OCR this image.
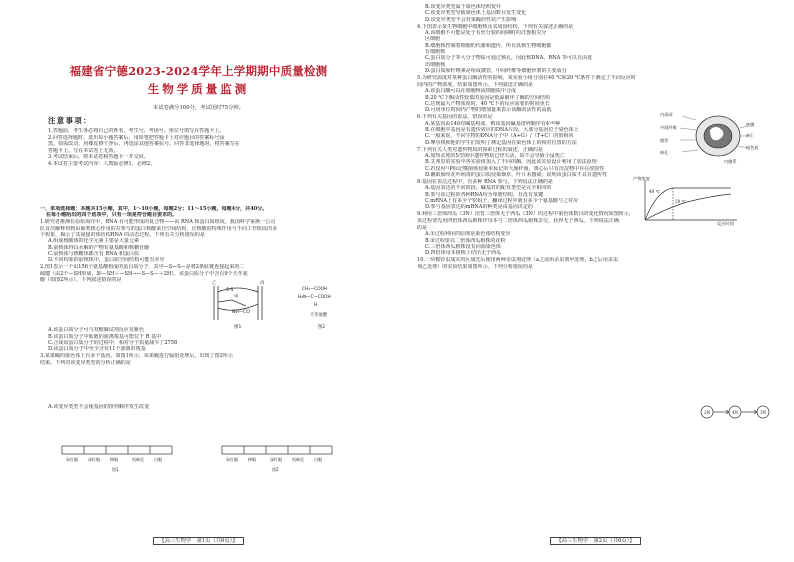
福建省宁德2023-2024学年上学期期中质量检测
生物学质量监测
本试卷满分100分，考试用时75分钟。
注意事项：
1.答题前，考生务必将自己的姓名、考生号、考场号、座位号填写在答题卡上。
2.回答选择题时，选出每小题答案后，用铅笔把答题卡上对应题目的答案标号涂
黑。如需改动，用橡皮擦干净后，再选涂其他答案标号。回答非选择题时，将答案写在
答题卡上。写在本试卷上无效。
3.考试结束后，将本试卷和答题卡一并交回。
4.本试卷主要考试内容：人教版必修1，必修2。
一、单项选择题：本题共15小题，其中，1～10小题，每题2分；11～15小题，每题4分，共40分。
在每小题给出的四个选项中，只有一项是符合题目要求的。
1.研究者推测在原始海洋中，RNA 有可能形成的复合物——由 RNA 和蛋白质组成。我国科学家换一公司
队首次解释得到由菌类核心作用的并参与的蛋白核酸来自空间结构，且核酸的特殊作用与不同工作阶段的多
个构象，揭示了其间接的体结构RNA 的动态过程。下列有关分析错误的是
A.组成核酸体的化学元素主要是大量元素
B.前核体得以水解的产物有氨基酸和核糖苷酸
C.前核体与核糖体都含有 RNA 和蛋白质
D.不同构象的前核体中，蛋白质空间结构可能有差异
2.图1表示一个由156个氨基酸构成的蛋白质分子，其中—S—S—是将2条肽链连接起来的二
硫键（由2个—SH形成，即—SH＋—SH→—S—S—＋2H），该蛋白质分子中含有9个天冬氨
酸（如图2所示）。下列叙述错误的是
A.该蛋白质分子可与双缩脲试剂反应显紫色
B.该蛋白质分子中肽链的游离羧基可能位于 R 基中
C.合成该蛋白质分子的过程中，相对分子质量减少了2758
D.该蛋白质分子中至少含有11个游离的羧基
3.某果蝇的染色体上有多个基因，如图1所示，该果蝇进行辐射处理后，出现了图2所示
结果。下列对该变异类型的分析正确的是
A.该变异类型不会使基因的排列顺序发生改变
乙	丙
甲
S-S
NH—CO
图1
CH₂—COOH
H₂N—C—COOH
H
天冬氨酸
图2
朱红眼	深红眼	棒眼	短硬毛	白眼	朱红眼	棒眼	深红眼	短硬毛	白眼
图1	图2
【高三生物学　第1页（共6页）】
B.该变异类型属于染色体结构变异
C.该变异类型导致染色体上基因数目发生变化
D.该变异类型不会对果蝇的性状产生影响
4.下图表示某生物细胞中细胞核及其周围结构，下列有关叙述正确的是
A.该细胞不可能是处于有丝分裂的间期时的洋葱根尖分
区细胞
B.细胞核控制着细胞的代谢和遗传，所有真核生物细胞都
有细胞核
C.蛋白质分子等大分子物质可通过核孔，因此核DNA、RNA 等可以自由进
出细胞核
D.蛋白质和纤维素是组成微管，中间纤维等细胞骨架的主要成分
5.为研究温度对某种蛋白酶活性的影响，某实验小组分别在40 ℃和20 ℃条件下测定了不同反应时
间内的产物浓度，结果如图所示。下列叙述正确的是
A.该蛋白酶可以在细胞核或细胞质中合成
B.20 ℃下酶活性较低的原因是低温破坏了酶的空间结构
C.达到最大产物浓度时，40 ℃下的反应需要的时间更长
D.可用单位时间内产物的增加量来表示该酶的活性的高低
6.下列有关基因的说法，错误的是
A.某基因由140对碱基构成，则该基因碱基排列顺序有4¹⁴⁰种
B.在细胞中基因是有遗传效应的DNA片段，大部分基因位于染色体上
C.一般来说，不同生物的DNA分子中（A+G）/（T+C）的值相同
D.摩尔根和他的学生们发明了测定基因在染色体上的相对位置的方法
7.下列有关人类对遗传物质的探索过程的叙述，正确的是
A.加热杀死的S型菌中遗传物质已经失活，故不会导致小鼠死亡
B.艾弗里的实验中各实验组加入了不同的酶，因此该实验设计利用了加法原理
C.若仅用³²P标记噬菌体侵染未标记的大肠杆菌，离心后只有沉淀物中存在放射性
D.蘸取烟草花叶病毒的蛋白质侵染烟草，叶片未感染，说明该蛋白质不具有遗传性
8.基因在表达过程中，有多种 RNA 参与。下列说法正确的是
A.基因表达的不同阶段，碱基对的配对类型是完全相同的
B.参与该过程的各种RNA均为单链结构，且没有氢键
C.mRNA上有多少个密码子，翻译过程中就有多少个氨基酸与之对应
D.参与基因表达的mRNA的种类是由基因决定的
9.利用三倍体西瓜（3N）培育三倍体无子西瓜（3N）的过程中染色体数目的变化情况如图所示，
该过程要先用四倍体西瓜植株作母本与二倍体西瓜植株杂交，获得无子西瓜。下列说法正确
的是
A.①过程利用的原理是染色体结构变异
B.②过程要以二倍体西瓜植株的花粉
C.三倍体西瓜植株没有同源染色体
D.四倍体母本植株上结出无子西瓜
10.一块棉铃虫成灾的区域先后使用两种杀虫剂处理（a之前用杀虫剂甲处理，b之后用杀虫
剂乙处理）的实验结果如图所示。下列分析错误的是
【高三生物学　第2页（共6页）】
内质网
核膜
核仁
中间纤维
微管
染色质
核孔
内膜系
产物浓度
反应时间
40 ℃
20 ℃
2N	4N	3N
